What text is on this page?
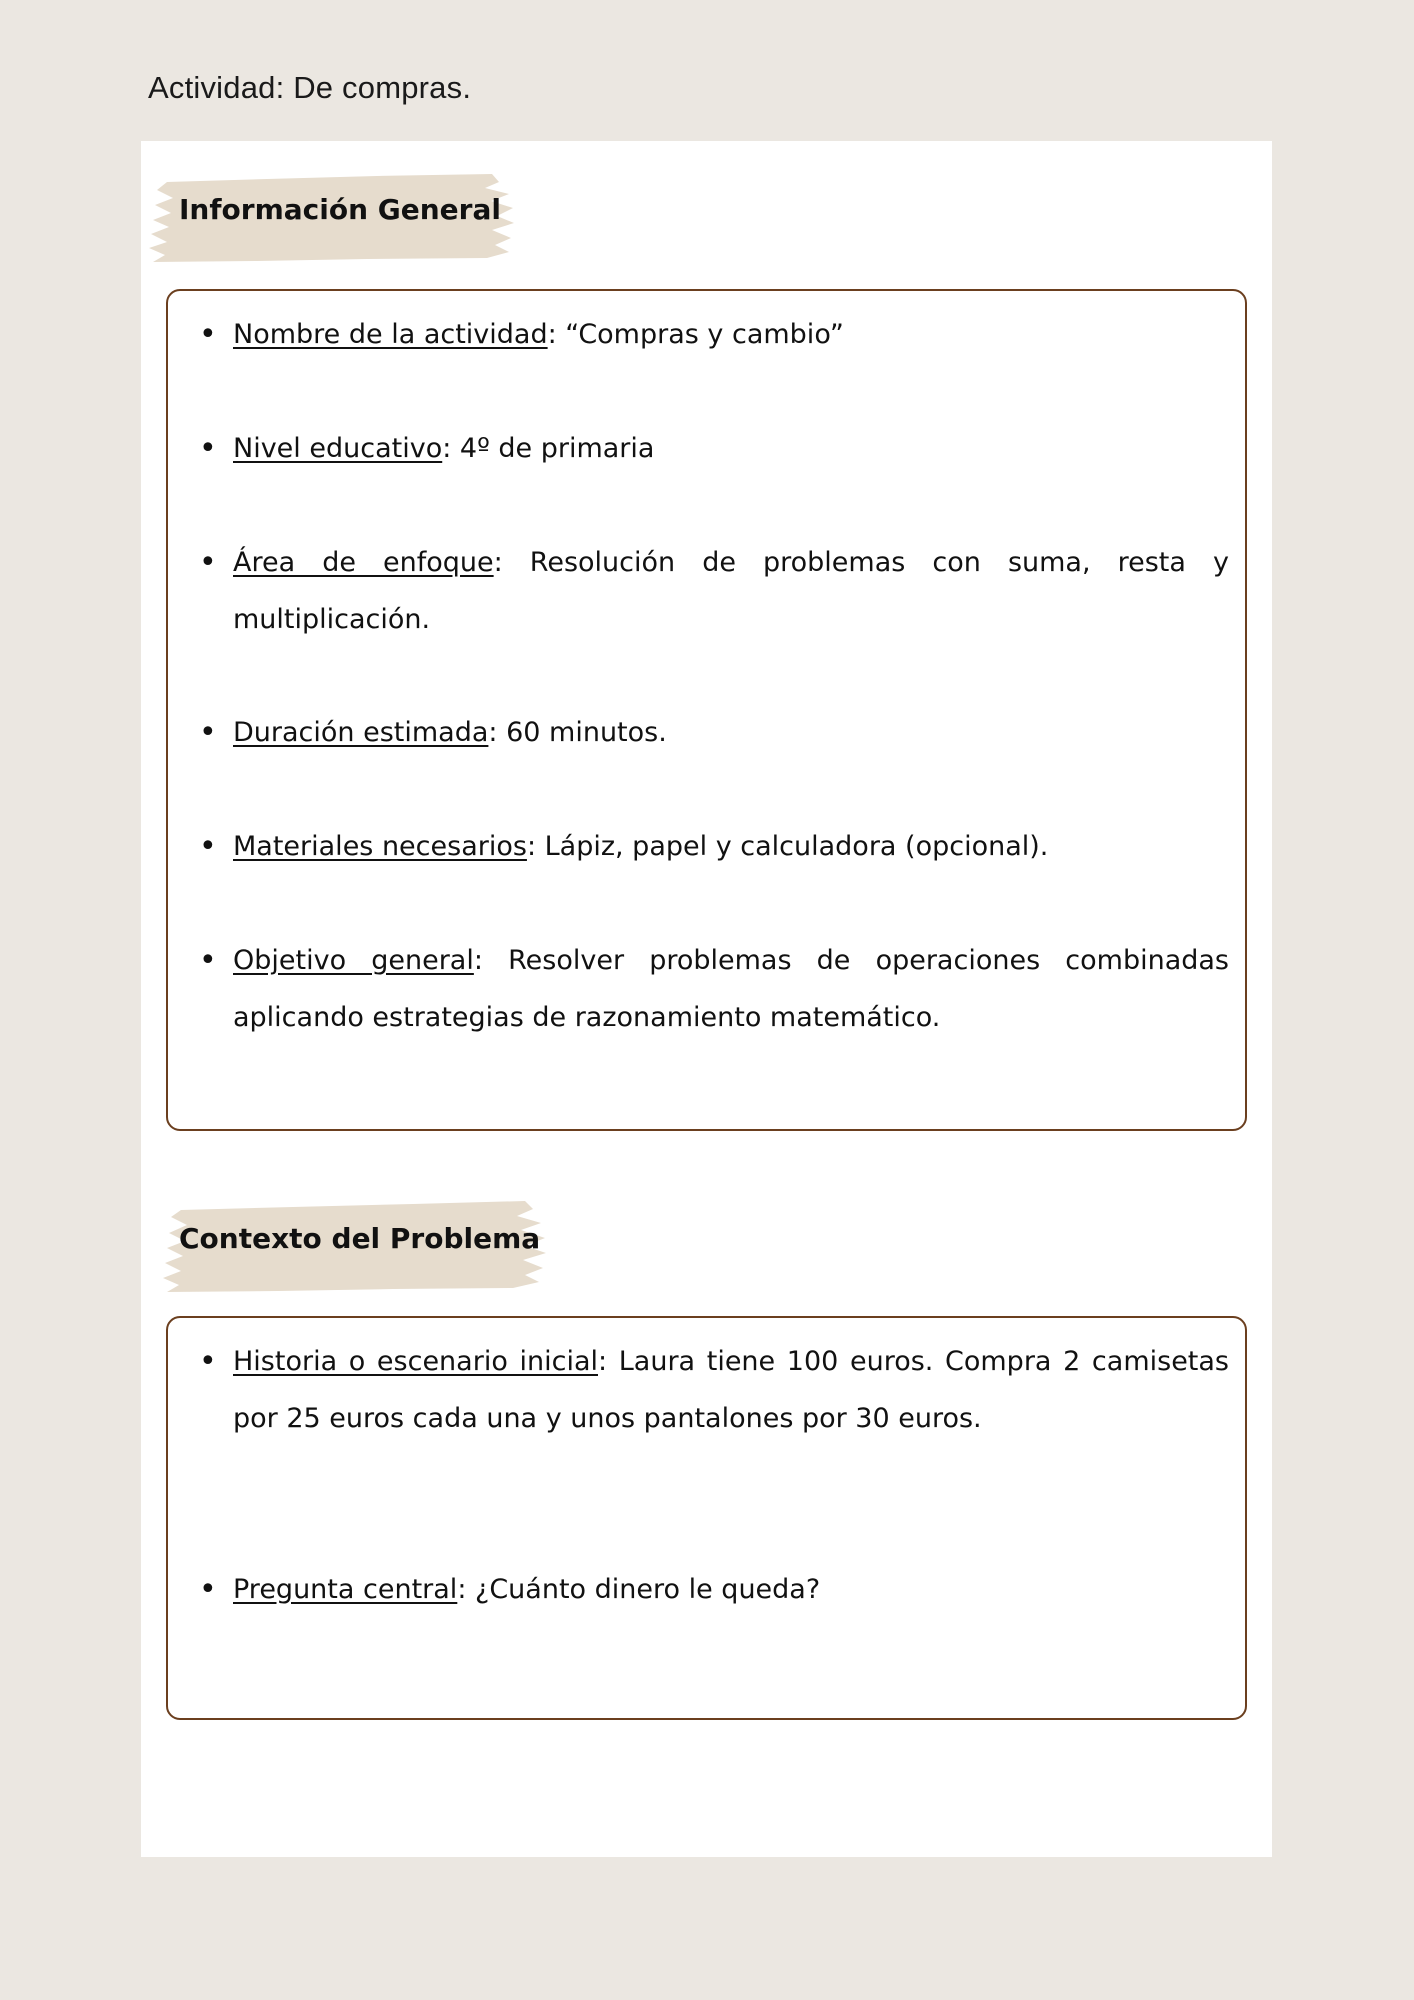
Actividad: De compras.
Información General
• Nombre de la actividad: “Compras y cambio”
• Nivel educativo: 4º de primaria
• Área de enfoque: Resolución de problemas con suma, resta y multiplicación.
• Duración estimada: 60 minutos.
• Materiales necesarios: Lápiz, papel y calculadora (opcional).
• Objetivo general: Resolver problemas de operaciones combinadas aplicando estrategias de razonamiento matemático.
Contexto del Problema
• Historia o escenario inicial: Laura tiene 100 euros. Compra 2 camisetas por 25 euros cada una y unos pantalones por 30 euros.
• Pregunta central: ¿Cuánto dinero le queda?
